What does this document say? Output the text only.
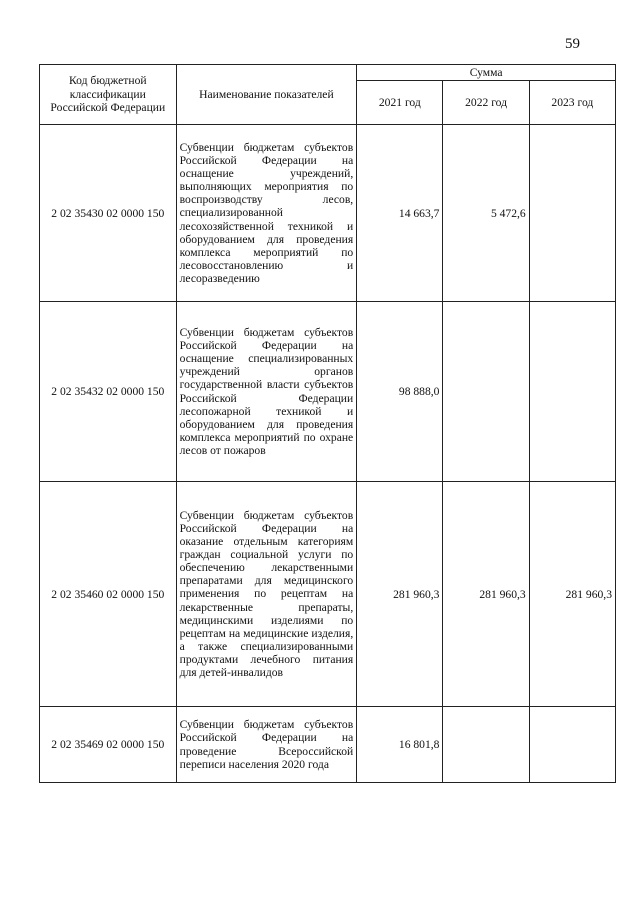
59
Код бюджетной классификации Российской Федерации	Наименование показателей	Сумма		
		2021 год	2022 год	2023 год
2 02 35430 02 0000 150	Субвенции бюджетам субъектов Российской Федерации на оснащение учреждений, выполняющих мероприятия по воспроизводству лесов, специализированной лесохозяйственной техникой и оборудованием для проведения комплекса мероприятий по лесовосстановлению и лесоразведению	14 663,7	5 472,6	
2 02 35432 02 0000 150	Субвенции бюджетам субъектов Российской Федерации на оснащение специализированных учреждений органов государственной власти субъектов Российской Федерации лесопожарной техникой и оборудованием для проведения комплекса мероприятий по охране лесов от пожаров	98 888,0		
2 02 35460 02 0000 150	Субвенции бюджетам субъектов Российской Федерации на оказание отдельным категориям граждан социальной услуги по обеспечению лекарственными препаратами для медицинского применения по рецептам на лекарственные препараты, медицинскими изделиями по рецептам на медицинские изделия, а также специализированными продуктами лечебного питания для детей-инвалидов	281 960,3	281 960,3	281 960,3
2 02 35469 02 0000 150	Субвенции бюджетам субъектов Российской Федерации на проведение Всероссийской переписи населения 2020 года	16 801,8		
